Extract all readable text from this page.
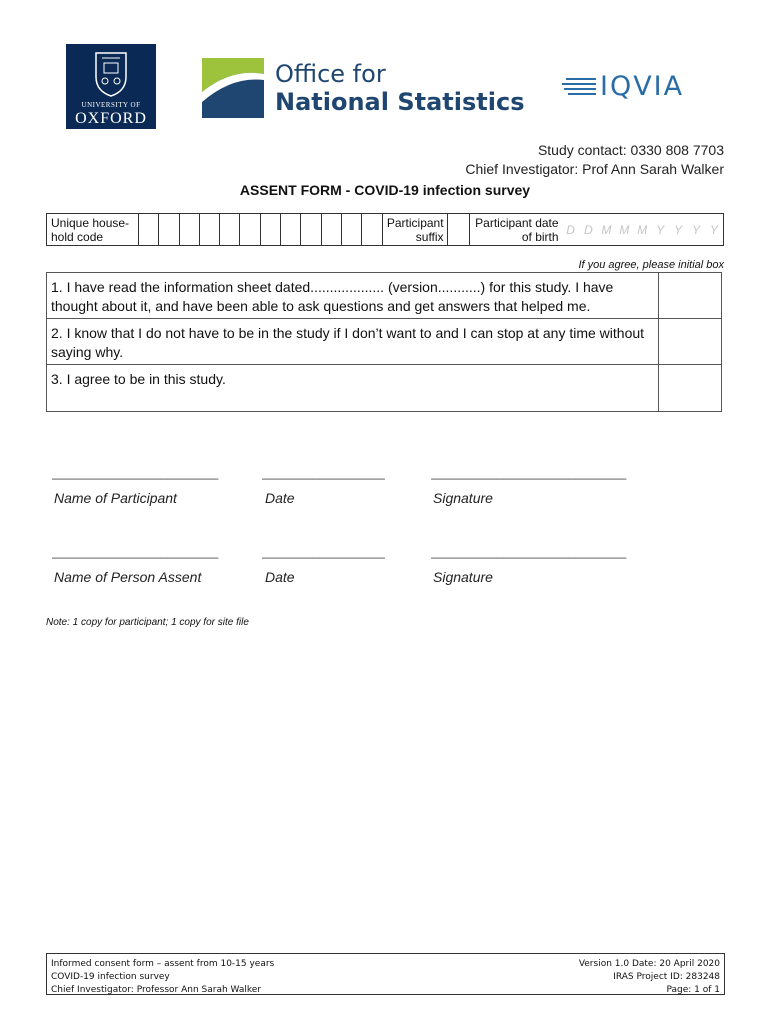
UNIVERSITY OF
OXFORD
Office for
National Statistics	IQVIA
Study contact: 0330 808 7703
Chief Investigator: Prof Ann Sarah Walker
ASSENT FORM - COVID-19 infection survey
Unique house-hold code
Participant suffix
Participant date of birth D D M M M Y Y Y Y
If you agree, please initial box
1. I have read the information sheet dated................... (version...........) for this study. I have thought about it, and have been able to ask questions and get answers that helped me.
2. I know that I do not have to be in the study if I don’t want to and I can stop at any time without saying why.
3. I agree to be in this study.
_______________________	_________________	___________________________
Name of Participant	Date	Signature
_______________________	_________________	___________________________
Name of Person Assent	Date	Signature
Note: 1 copy for participant; 1 copy for site file
Informed consent form – assent from 10-15 years
COVID-19 infection survey
Chief Investigator: Professor Ann Sarah Walker
Version 1.0 Date: 20 April 2020
IRAS Project ID: 283248
Page: 1 of 1
